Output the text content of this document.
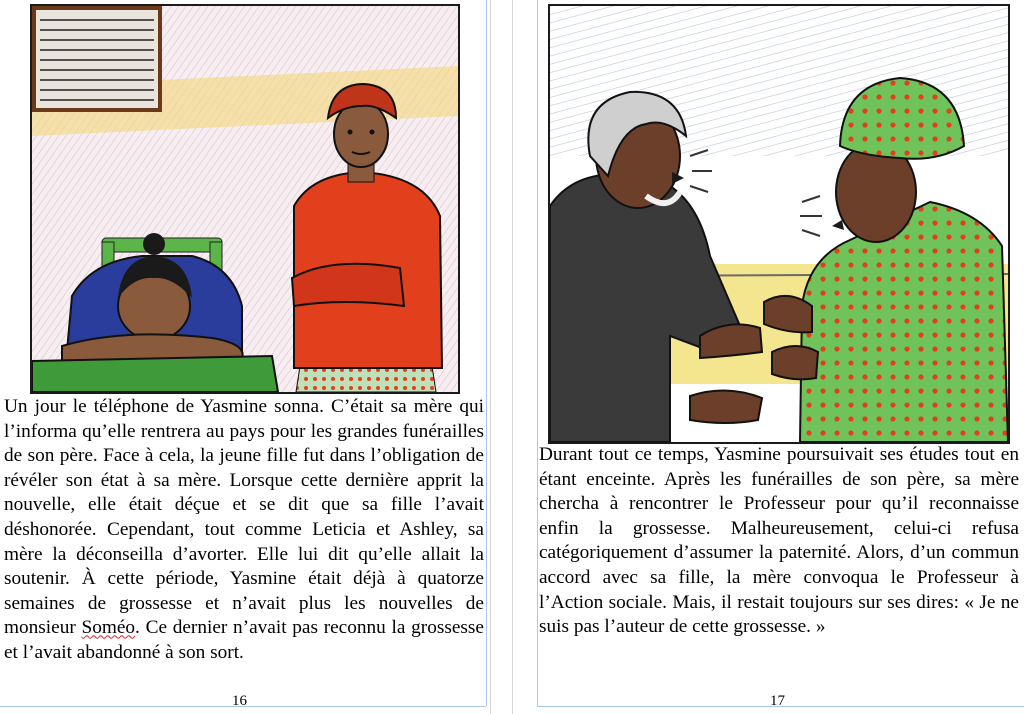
Un jour le téléphone de Yasmine sonna. C’était sa mère qui l’informa qu’elle rentrera au pays pour les grandes funérailles de son père. Face à cela, la jeune fille fut dans l’obligation de révéler son état à sa mère. Lorsque cette dernière apprit la nouvelle, elle était déçue et se dit que sa fille l’avait déshonorée. Cependant, tout comme Leticia et Ashley, sa mère la déconseilla d’avorter. Elle lui dit qu’elle allait la soutenir. À cette période, Yasmine était déjà à quatorze semaines de grossesse et n’avait plus les nouvelles de monsieur Soméo. Ce dernier n’avait pas reconnu la grossesse et l’avait abandonné à son sort.
16
Durant tout ce temps, Yasmine poursuivait ses études tout en étant enceinte. Après les funérailles de son père, sa mère chercha à rencontrer le Professeur pour qu’il reconnaisse enfin la grossesse. Malheureusement, celui-ci refusa catégoriquement d’assumer la paternité. Alors, d’un commun accord avec sa fille, la mère convoqua le Professeur à l’Action sociale. Mais, il restait toujours sur ses dires: « Je ne suis pas l’auteur de cette grossesse. »
17
